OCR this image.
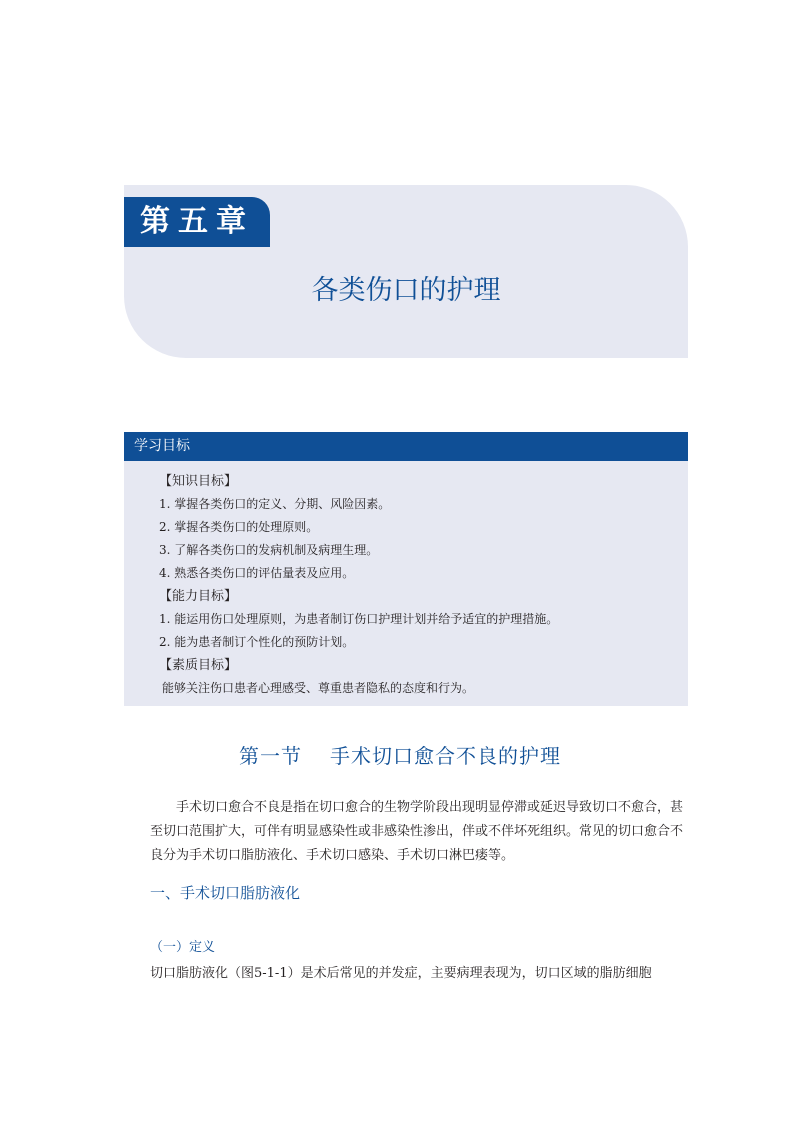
第五章
各类伤口的护理
学习目标
【知识目标】
1. 掌握各类伤口的定义、分期、风险因素。
2. 掌握各类伤口的处理原则。
3. 了解各类伤口的发病机制及病理生理。
4. 熟悉各类伤口的评估量表及应用。
【能力目标】
1. 能运用伤口处理原则，为患者制订伤口护理计划并给予适宜的护理措施。
2. 能为患者制订个性化的预防计划。
【素质目标】
能够关注伤口患者心理感受、尊重患者隐私的态度和行为。
第一节 手术切口愈合不良的护理
手术切口愈合不良是指在切口愈合的生物学阶段出现明显停滞或延迟导致切口不愈合，甚至切口范围扩大，可伴有明显感染性或非感染性渗出，伴或不伴坏死组织。常见的切口愈合不良分为手术切口脂肪液化、手术切口感染、手术切口淋巴瘘等。
一、手术切口脂肪液化
（一）定义
切口脂肪液化（图5-1-1）是术后常见的并发症，主要病理表现为，切口区域的脂肪细胞
